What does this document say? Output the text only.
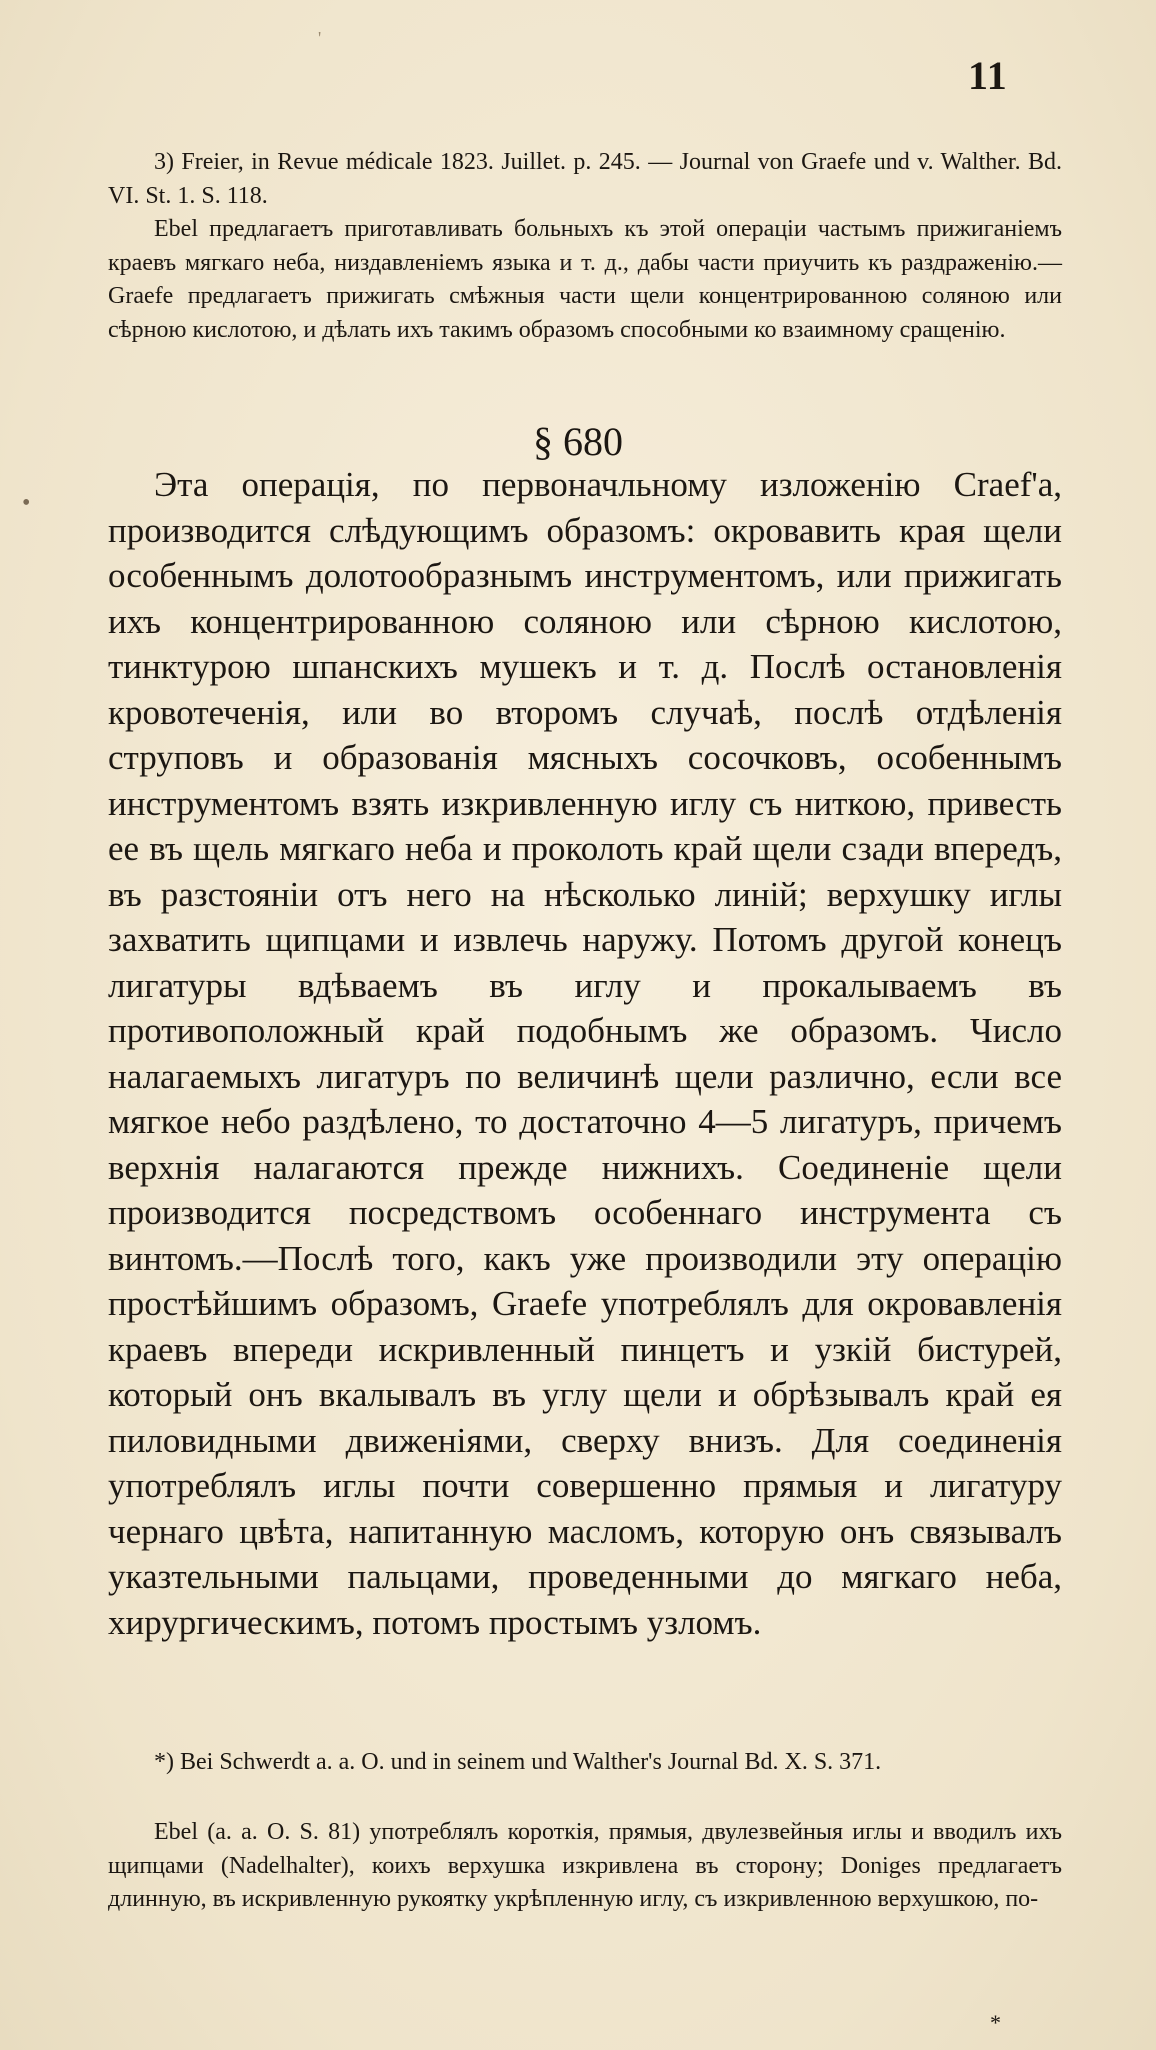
11
'
•
3) Freier, in Revue médicale 1823. Juillet. p. 245. — Journal von Graefe und v. Walther. Bd. VI. St. 1. S. 118.
Ebel предлагаетъ приготавливать больныхъ къ этой операціи частымъ прижиганіемъ краевъ мягкаго неба, низдавленіемъ языка и т. д., дабы части приучить къ раздраженію.—Graefe предлагаетъ прижигать смѣжныя части щели концентрированною соляною или сѣрною кислотою, и дѣлать ихъ такимъ образомъ способными ко взаимному сращенію.
§ 680

Эта операція, по первоначльному изложенію Craef'а, производится слѣдующимъ образомъ: окровавить края щели особеннымъ долотообразнымъ инструментомъ, или прижигать ихъ концентрированною соляною или сѣрною кислотою, тинктурою шпанскихъ мушекъ и т. д. Послѣ остановленія кровотеченія, или во второмъ случаѣ, послѣ отдѣленія струповъ и образованія мясныхъ сосочковъ, особеннымъ инструментомъ взять изкривленную иглу съ ниткою, привесть ее въ щель мягкаго неба и проколоть край щели сзади впередъ, въ разстояніи отъ него на нѣсколько линій; верхушку иглы захватить щипцами и извлечь наружу. Потомъ другой конецъ лигатуры вдѣваемъ въ иглу и прокалываемъ въ противоположный край подобнымъ же образомъ. Число налагаемыхъ лигатуръ по величинѣ щели различно, если все мягкое небо раздѣлено, то достаточно 4—5 лигатуръ, причемъ верхнія налагаются прежде нижнихъ. Соединеніе щели производится посредствомъ особеннаго инструмента съ винтомъ.—Послѣ того, какъ уже производили эту операцію простѣйшимъ образомъ, Graefe употреблялъ для окровавленія краевъ впереди искривленный пинцетъ и узкій бистурей, который онъ вкалывалъ въ углу щели и обрѣзывалъ край ея пиловидными движеніями, сверху внизъ. Для соединенія употреблялъ иглы почти совершенно прямыя и лигатуру чернаго цвѣта, напитанную масломъ, которую онъ связывалъ указтельными пальцами, проведенными до мягкаго неба, хирургическимъ, потомъ простымъ узломъ.

*) Bei Schwerdt a. a. O. und in seinem und Walther's Journal Bd. X. S. 371.

Ebel (a. a. O. S. 81) употреблялъ короткія, прямыя, двулезвейныя иглы и вводилъ ихъ щипцами (Nadelhalter), коихъ верхушка изкривлена въ сторону; Doniges предлагаетъ длинную, въ искривленную рукоятку укрѣпленную иглу, съ изкривленною верхушкою, по-

*
